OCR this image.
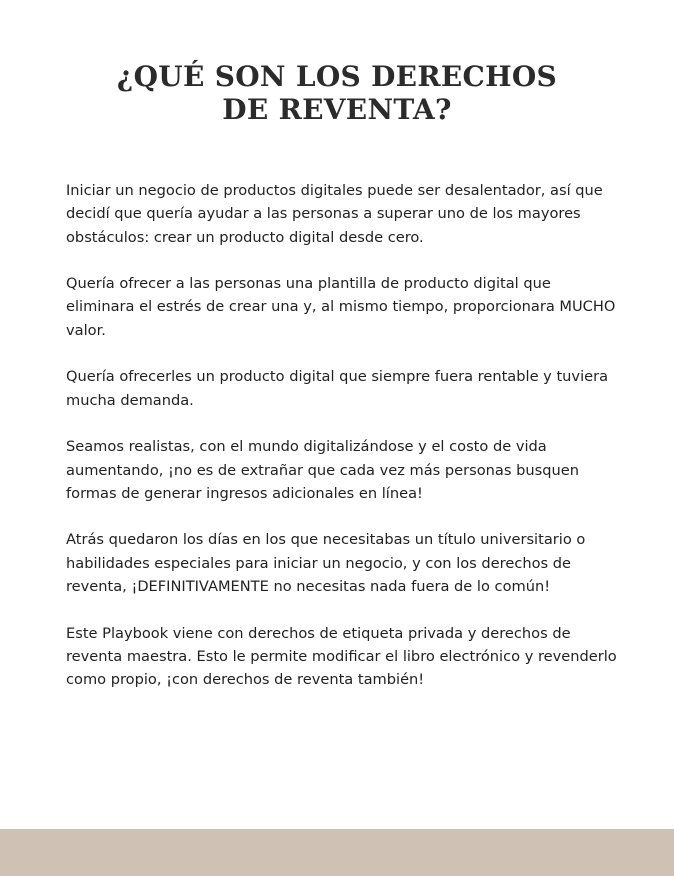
¿QUÉ SON LOS DERECHOS
DE REVENTA?

Iniciar un negocio de productos digitales puede ser desalentador, así que
decidí que quería ayudar a las personas a superar uno de los mayores
obstáculos: crear un producto digital desde cero.

Quería ofrecer a las personas una plantilla de producto digital que
eliminara el estrés de crear una y, al mismo tiempo, proporcionara MUCHO
valor.

Quería ofrecerles un producto digital que siempre fuera rentable y tuviera
mucha demanda.

Seamos realistas, con el mundo digitalizándose y el costo de vida
aumentando, ¡no es de extrañar que cada vez más personas busquen
formas de generar ingresos adicionales en línea!

Atrás quedaron los días en los que necesitabas un título universitario o
habilidades especiales para iniciar un negocio, y con los derechos de
reventa, ¡DEFINITIVAMENTE no necesitas nada fuera de lo común!

Este Playbook viene con derechos de etiqueta privada y derechos de
reventa maestra. Esto le permite modificar el libro electrónico y revenderlo
como propio, ¡con derechos de reventa también!
